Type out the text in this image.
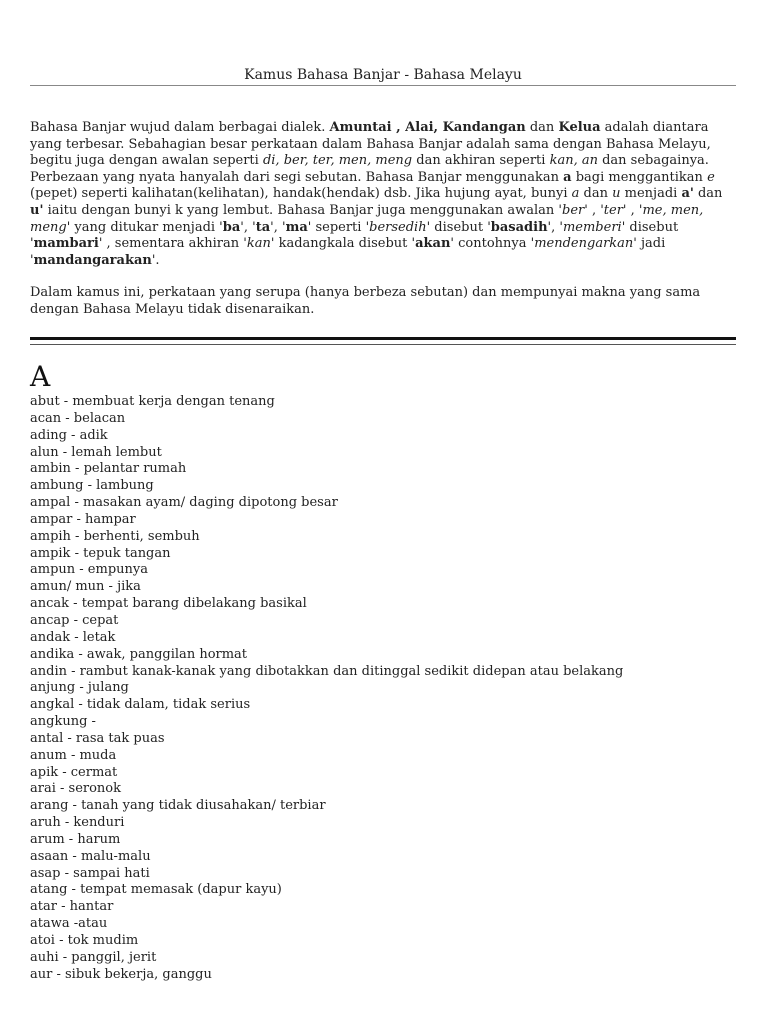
Kamus Bahasa Banjar - Bahasa Melayu

Bahasa Banjar wujud dalam berbagai dialek. Amuntai , Alai, Kandangan dan Kelua adalah diantara yang terbesar. Sebahagian besar perkataan dalam Bahasa Banjar adalah sama dengan Bahasa Melayu, begitu juga dengan awalan seperti di, ber, ter, men, meng dan akhiran seperti kan, an dan sebagainya. Perbezaan yang nyata hanyalah dari segi sebutan. Bahasa Banjar menggunakan a bagi menggantikan e (pepet) seperti kalihatan(kelihatan), handak(hendak) dsb. Jika hujung ayat, bunyi a dan u menjadi a' dan u' iaitu dengan bunyi k yang lembut. Bahasa Banjar juga menggunakan awalan 'ber' , 'ter' , 'me, men, meng' yang ditukar menjadi 'ba', 'ta', 'ma' seperti 'bersedih' disebut 'basadih', 'memberi' disebut 'mambari' , sementara akhiran 'kan' kadangkala disebut 'akan' contohnya 'mendengarkan' jadi 'mandangarakan'.

Dalam kamus ini, perkataan yang serupa (hanya berbeza sebutan) dan mempunyai makna yang sama dengan Bahasa Melayu tidak disenaraikan.

A
abut - membuat kerja dengan tenang
acan - belacan
ading - adik
alun - lemah lembut
ambin - pelantar rumah
ambung - lambung
ampal - masakan ayam/ daging dipotong besar
ampar - hampar
ampih - berhenti, sembuh
ampik - tepuk tangan
ampun - empunya
amun/ mun - jika
ancak - tempat barang dibelakang basikal
ancap - cepat
andak - letak
andika - awak, panggilan hormat
andin - rambut kanak-kanak yang dibotakkan dan ditinggal sedikit didepan atau belakang
anjung - julang
angkal - tidak dalam, tidak serius
angkung -
antal - rasa tak puas
anum - muda
apik - cermat
arai - seronok
arang - tanah yang tidak diusahakan/ terbiar
aruh - kenduri
arum - harum
asaan - malu-malu
asap - sampai hati
atang - tempat memasak (dapur kayu)
atar - hantar
atawa -atau
atoi - tok mudim
auhi - panggil, jerit
aur - sibuk bekerja, ganggu
